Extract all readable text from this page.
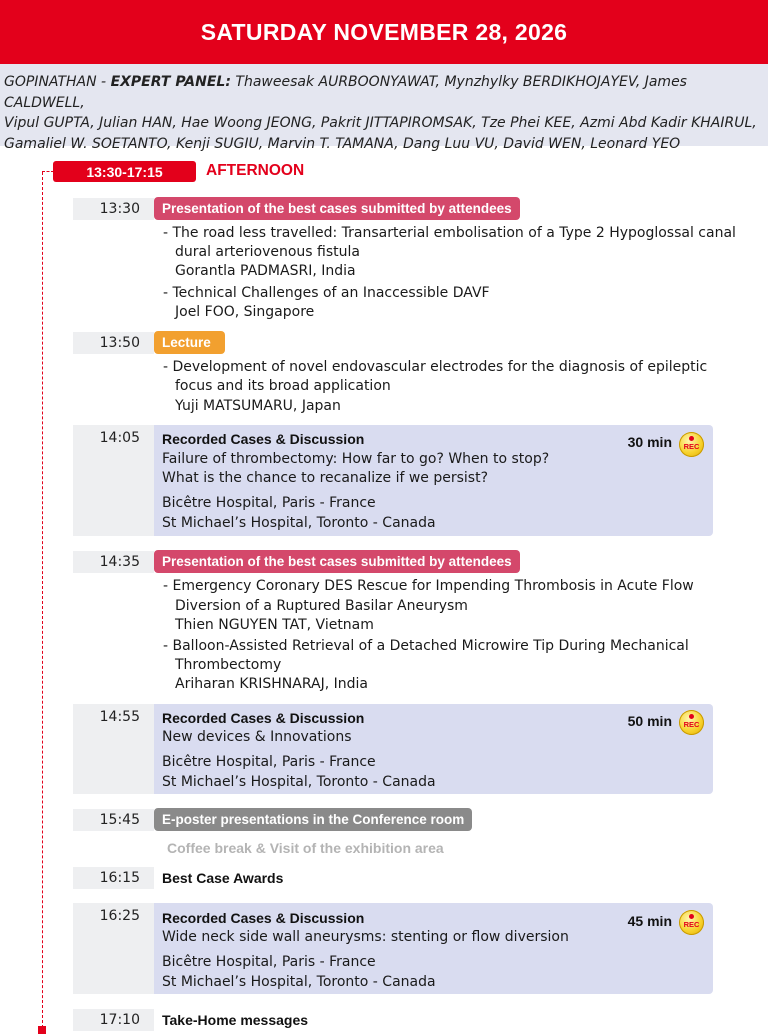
SATURDAY NOVEMBER 28, 2026
GOPINATHAN - EXPERT PANEL: Thaweesak AURBOONYAWAT, Mynzhylky BERDIKHOJAYEV, James CALDWELL,
Vipul GUPTA, Julian HAN, Hae Woong JEONG, Pakrit JITTAPIROMSAK, Tze Phei KEE, Azmi Abd Kadir KHAIRUL,
Gamaliel W. SOETANTO, Kenji SUGIU, Marvin T. TAMANA, Dang Luu VU, David WEN, Leonard YEO
13:30-17:15	AFTERNOON
13:30	Presentation of the best cases submitted by attendees
- The road less travelled: Transarterial embolisation of a Type 2 Hypoglossal canal
dural arteriovenous fistula
Gorantla PADMASRI, India
- Technical Challenges of an Inaccessible DAVF
Joel FOO, Singapore
13:50	Lecture
- Development of novel endovascular electrodes for the diagnosis of epileptic
focus and its broad application
Yuji MATSUMARU, Japan
14:05	Recorded Cases & Discussion	30 min	REC
Failure of thrombectomy: How far to go? When to stop?
What is the chance to recanalize if we persist?
Bicêtre Hospital, Paris - France
St Michael’s Hospital, Toronto - Canada
14:35	Presentation of the best cases submitted by attendees
- Emergency Coronary DES Rescue for Impending Thrombosis in Acute Flow
Diversion of a Ruptured Basilar Aneurysm
Thien NGUYEN TAT, Vietnam
- Balloon-Assisted Retrieval of a Detached Microwire Tip During Mechanical
Thrombectomy
Ariharan KRISHNARAJ, India
14:55	Recorded Cases & Discussion	50 min	REC
New devices & Innovations
Bicêtre Hospital, Paris - France
St Michael’s Hospital, Toronto - Canada
15:45	E-poster presentations in the Conference room
Coffee break & Visit of the exhibition area
16:15	Best Case Awards
16:25	Recorded Cases & Discussion	45 min	REC
Wide neck side wall aneurysms: stenting or flow diversion
Bicêtre Hospital, Paris - France
St Michael’s Hospital, Toronto - Canada
17:10	Take-Home messages
